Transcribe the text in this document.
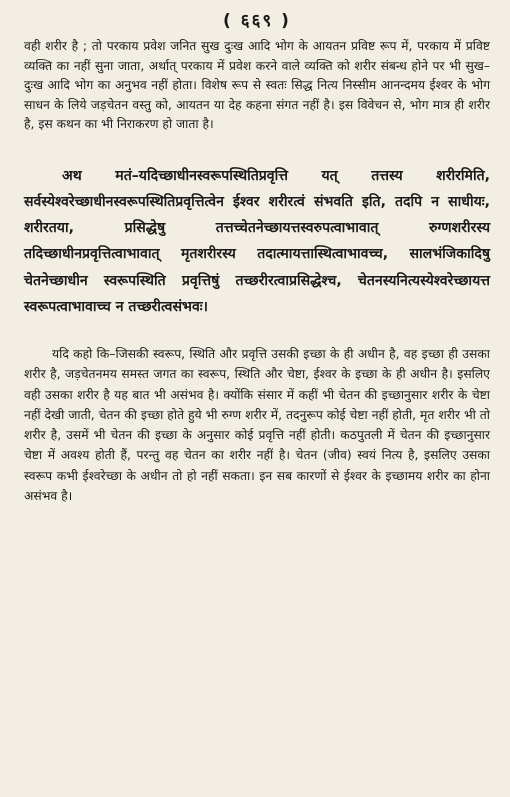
( ६६९ )

वही शरीर है ; तो परकाय प्रवेश जनित सुख दुःख आदि भोग के आयतन प्रविष्ट रूप में, परकाय में प्रविष्ट व्यक्ति का नहीं सुना जाता, अर्थात् परकाय में प्रवेश करने वाले व्यक्ति को शरीर संबन्ध होने पर भी सुख–दुःख आदि भोग का अनुभव नहीं होता। विशेष रूप से स्वतः सिद्ध नित्य निस्सीम आनन्दमय ईश्वर के भोग साधन के लिये जड़चेतन वस्तु को, आयतन या देह कहना संगत नहीं है। इस विवेचन से, भोग मात्र ही शरीर है, इस कथन का भी निराकरण हो जाता है।

अथ मतं–यदिच्छाधीनस्वरूपस्थितिप्रवृत्ति यत् तत्तस्य शरीरमिति, सर्वस्येश्वरेच्छाधीनस्वरूपस्थितिप्रवृत्तित्वेन ईश्वर शरीरत्वं संभवति इति, तदपि न साधीयः, शरीरतया, प्रसिद्धेषु तत्तच्चेतनेच्छायत्तस्वरुपत्वाभावात् रुग्णशरीरस्य तदिच्छाधीनप्रवृत्तित्वाभावात् मृतशरीरस्य तदात्मायत्तास्थित्वाभावच्च, सालभंजिकादिषु चेतनेच्छाधीन स्वरूपस्थिति प्रवृत्तिषुं तच्छरीरत्वाप्रसिद्धेश्च, चेतनस्यनित्यस्येश्वरेच्छायत्त स्वरूपत्वाभावाच्च न तच्छरीत्वसंभवः।

यदि कहो कि–जिसकी स्वरूप, स्थिति और प्रवृत्ति उसकी इच्छा के ही अधीन है, वह इच्छा ही उसका शरीर है, जड़चेतनमय समस्त जगत का स्वरूप, स्थिति और चेष्टा, ईश्वर के इच्छा के ही अधीन है। इसलिए वही उसका शरीर है यह बात भी असंभव है। क्योंकि संसार में कहीं भी चेतन की इच्छानुसार शरीर के चेष्टा नहीं देखी जाती, चेतन की इच्छा होते हुये भी रुग्ण शरीर में, तदनुरूप कोई चेष्टा नहीं होती, मृत शरीर भी तो शरीर है, उसमें भी चेतन की इच्छा के अनुसार कोई प्रवृत्ति नहीं होती। कठपुतली में चेतन की इच्छानुसार चेष्टा में अवश्य होती हैं, परन्तु वह चेतन का शरीर नहीं है। चेतन (जीव) स्वयं नित्य है, इसलिए उसका स्वरूप कभी ईश्वरेच्छा के अधीन तो हो नहीं सकता। इन सब कारणों से ईश्वर के इच्छामय शरीर का होना असंभव है।
